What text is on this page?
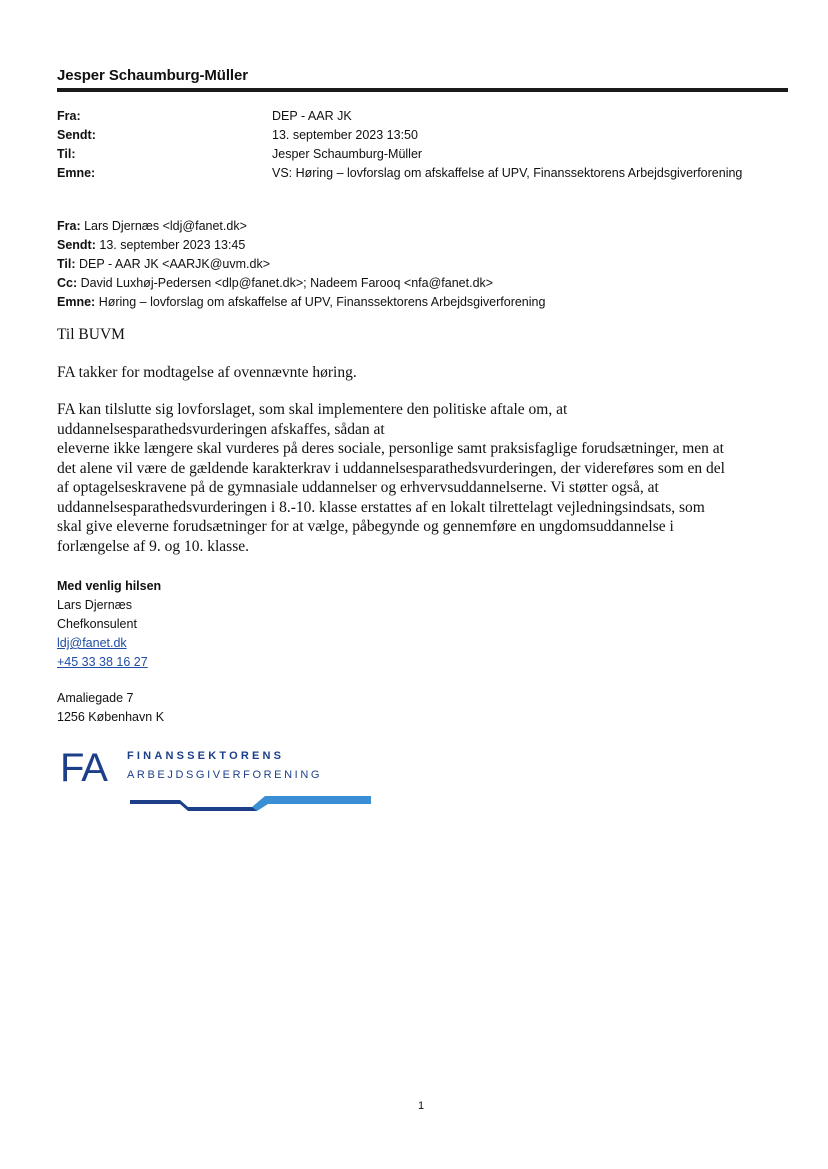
Jesper Schaumburg-Müller
Fra:	DEP - AAR JK
Sendt:	13. september 2023 13:50
Til:	Jesper Schaumburg-Müller
Emne:	VS: Høring – lovforslag om afskaffelse af UPV, Finanssektorens Arbejdsgiverforening
Fra: Lars Djernæs <ldj@fanet.dk>
Sendt: 13. september 2023 13:45
Til: DEP - AAR JK <AARJK@uvm.dk>
Cc: David Luxhøj-Pedersen <dlp@fanet.dk>; Nadeem Farooq <nfa@fanet.dk>
Emne: Høring – lovforslag om afskaffelse af UPV, Finanssektorens Arbejdsgiverforening

Til BUVM

FA takker for modtagelse af ovennævnte høring.

FA kan tilslutte sig lovforslaget, som skal implementere den politiske aftale om, at
uddannelsesparathedsvurderingen afskaffes, sådan at
eleverne ikke længere skal vurderes på deres sociale, personlige samt praksisfaglige forudsætninger, men at
det alene vil være de gældende karakterkrav i uddannelsesparathedsvurderingen, der videreføres som en del
af optagelseskravene på de gymnasiale uddannelser og erhvervsuddannelserne. Vi støtter også, at
uddannelsesparathedsvurderingen i 8.-10. klasse erstattes af en lokalt tilrettelagt vejledningsindsats, som
skal give eleverne forudsætninger for at vælge, påbegynde og gennemføre en ungdomsuddannelse i
forlængelse af 9. og 10. klasse.

Med venlig hilsen
Lars Djernæs
Chefkonsulent
ldj@fanet.dk
+45 33 38 16 27
Amaliegade 7
1256 København K
FA FINANSSEKTORENS
ARBEJDSGIVERFORENING
1
